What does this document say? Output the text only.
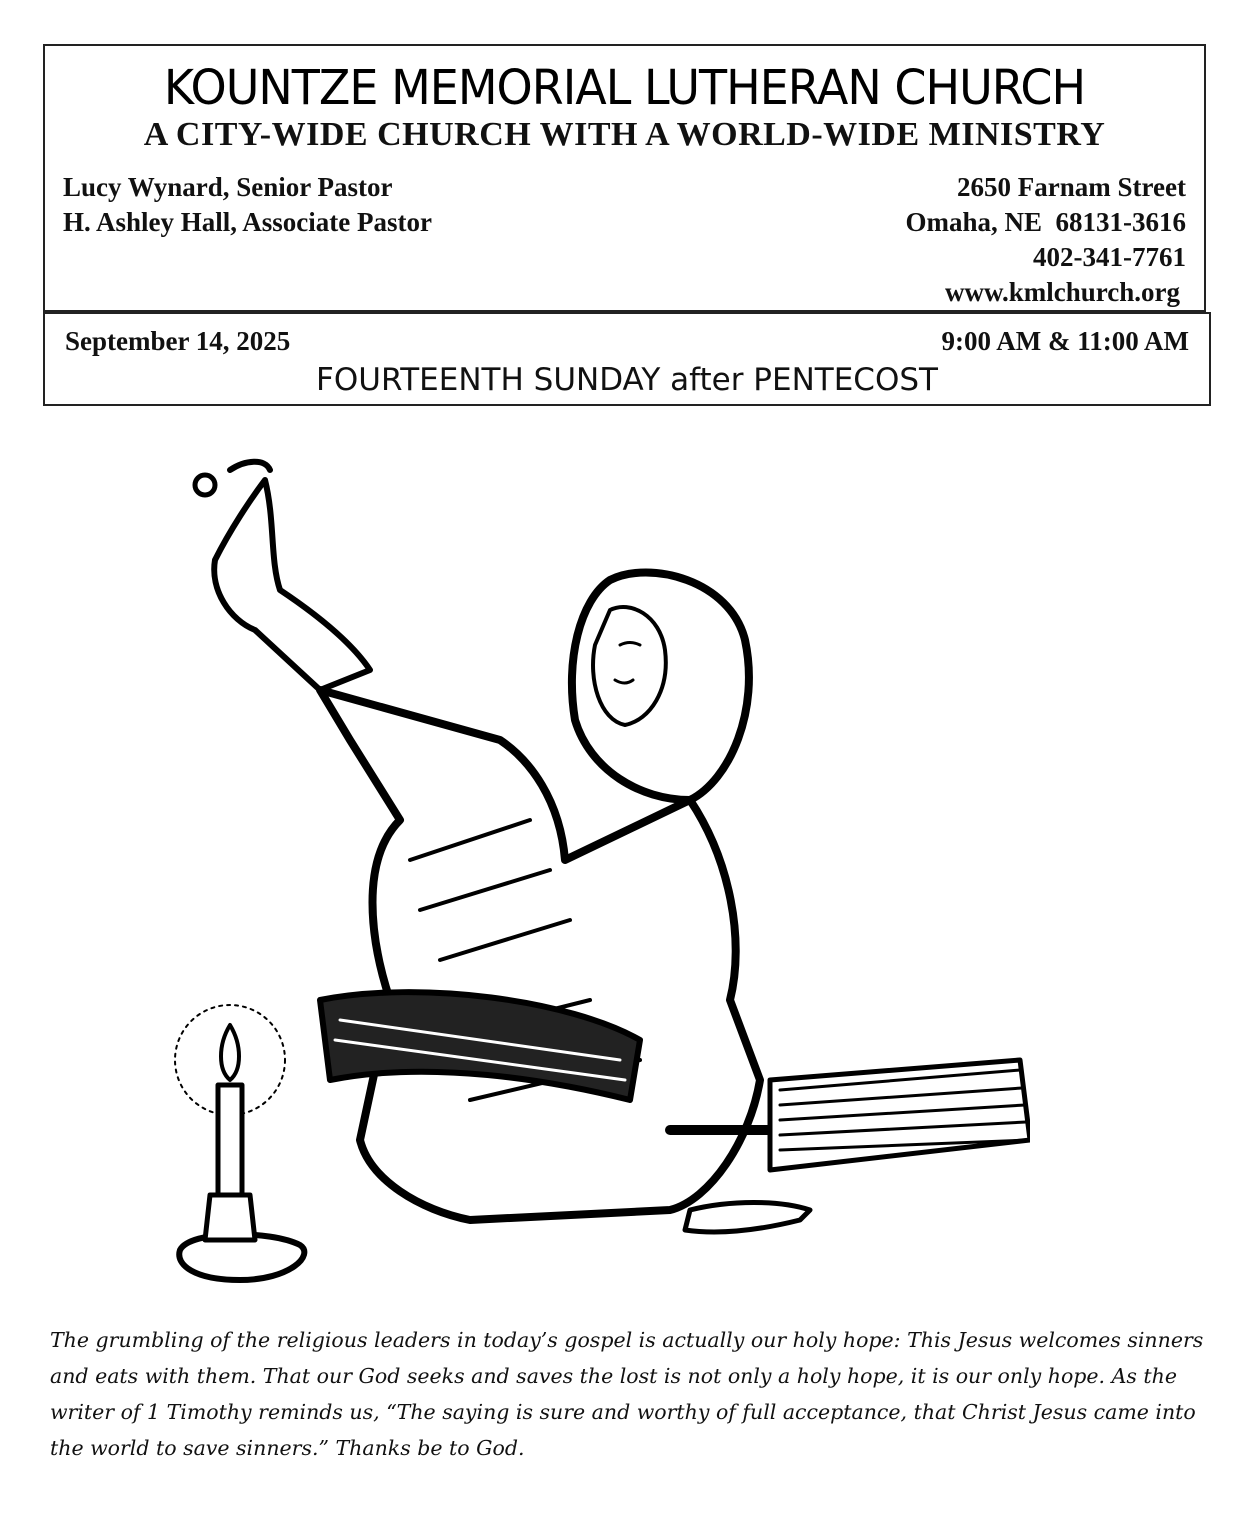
KOUNTZE MEMORIAL LUTHERAN CHURCH
A CITY-WIDE CHURCH WITH A WORLD-WIDE MINISTRY
Lucy Wynard, Senior Pastor
H. Ashley Hall, Associate Pastor
2650 Farnam Street
Omaha, NE  68131-3616
402-341-7761
www.kmlchurch.org
September 14, 2025	9:00 AM & 11:00 AM
FOURTEENTH SUNDAY after PENTECOST
The grumbling of the religious leaders in today’s gospel is actually our holy hope: This Jesus welcomes sinners and eats with them. That our God seeks and saves the lost is not only a holy hope, it is our only hope. As the writer of 1 Timothy reminds us, “The saying is sure and worthy of full acceptance, that Christ Jesus came into the world to save sinners.” Thanks be to God.
